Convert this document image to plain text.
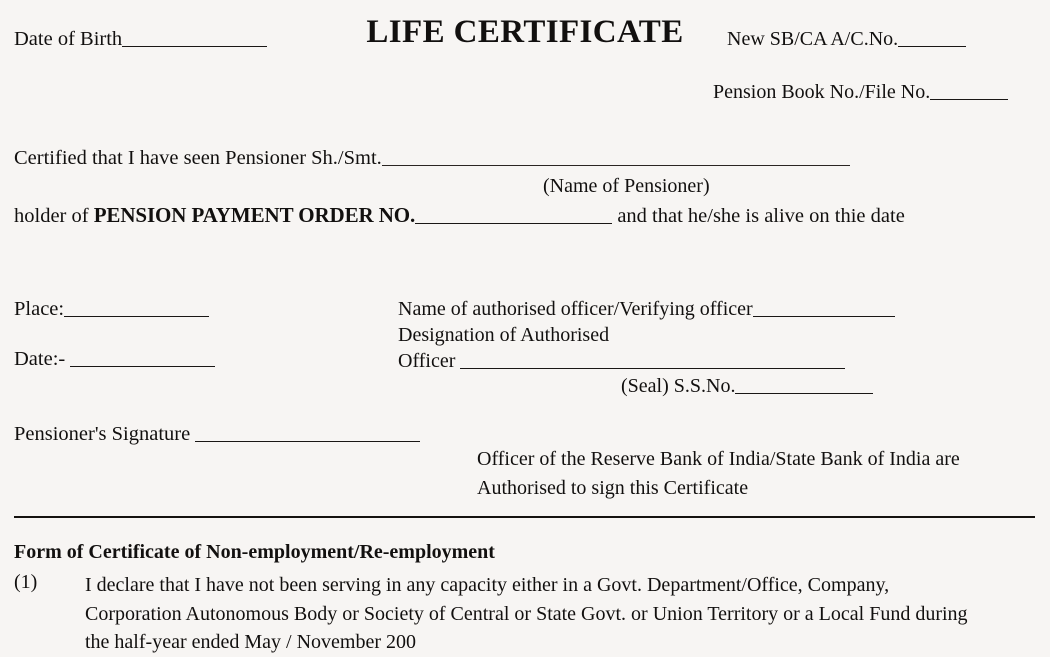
Date of Birth	LIFE CERTIFICATE	New SB/CA A/C.No.
Pension Book No./File No.
Certified that I have seen Pensioner Sh./Smt.
(Name of Pensioner)
holder of PENSION PAYMENT ORDER NO.	and that he/she is alive on thie date
Place:
Date:-
Name of authorised officer/Verifying officer
Designation of Authorised
Officer
(Seal) S.S.No.
Pensioner's Signature
Officer of the Reserve Bank of India/State Bank of India are
Authorised to sign this Certificate
Form of Certificate of Non-employment/Re-employment
(1) I declare that I have not been serving in any capacity either in a Govt. Department/Office, Company,
Corporation Autonomous Body or Society of Central or State Govt. or Union Territory or a Local Fund during
the half-year ended May / November 200
